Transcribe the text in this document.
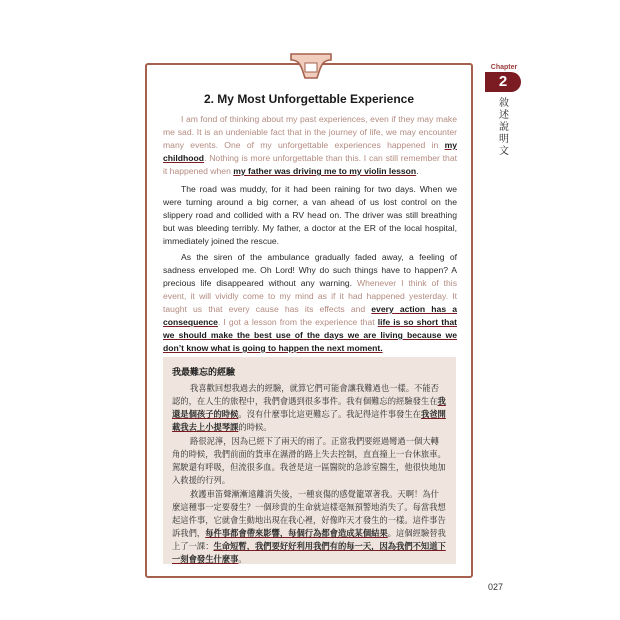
Chapter
2
敘述說明文
2. My Most Unforgettable Experience
I am fond of thinking about my past experiences, even if they may make me sad. It is an undeniable fact that in the journey of life, we may encounter many events. One of my unforgettable experiences happened in my childhood. Nothing is more unforgettable than this. I can still remember that it happened when my father was driving me to my violin lesson.
The road was muddy, for it had been raining for two days. When we were turning around a big corner, a van ahead of us lost control on the slippery road and collided with a RV head on. The driver was still breathing but was bleeding terribly. My father, a doctor at the ER of the local hospital, immediately joined the rescue.
As the siren of the ambulance gradually faded away, a feeling of sadness enveloped me. Oh Lord! Why do such things have to happen? A precious life disappeared without any warning. Whenever I think of this event, it will vividly come to my mind as if it had happened yesterday. It taught us that every cause has its effects and every action has a consequence. I got a lesson from the experience that life is so short that we should make the best use of the days we are living because we don’t know what is going to happen the next moment.
我最難忘的經驗

我喜歡回想我過去的經驗，就算它們可能會讓我難過也一樣。不能否認的，在人生的旅程中，我們會遇到很多事件。我有個難忘的經驗發生在我還是個孩子的時候。沒有什麼事比這更難忘了。我記得這件事發生在我爸開載我去上小提琴課的時候。

路很泥濘，因為已經下了兩天的雨了。正當我們要經過彎過一個大轉角的時候，我們前面的貨車在濕滑的路上失去控制，直直撞上一台休旅車。駕駛還有呼吸，但流很多血。我爸是這一區醫院的急診室醫生，他很快地加入救援的行列。

救護車笛聲漸漸遠離消失後，一種哀傷的感覺籠罩著我。天啊！為什麼這種事一定要發生？一個珍貴的生命就這樣毫無預警地消失了。每當我想起這件事，它就會生動地出現在我心裡，好像昨天才發生的一樣。這件事告訴我們，每件事都會帶來影響，每個行為都會造成某個結果。這個經驗替我上了一課：生命短暫，我們要好好利用我們有的每一天，因為我們不知道下一刻會發生什麼事。

027
